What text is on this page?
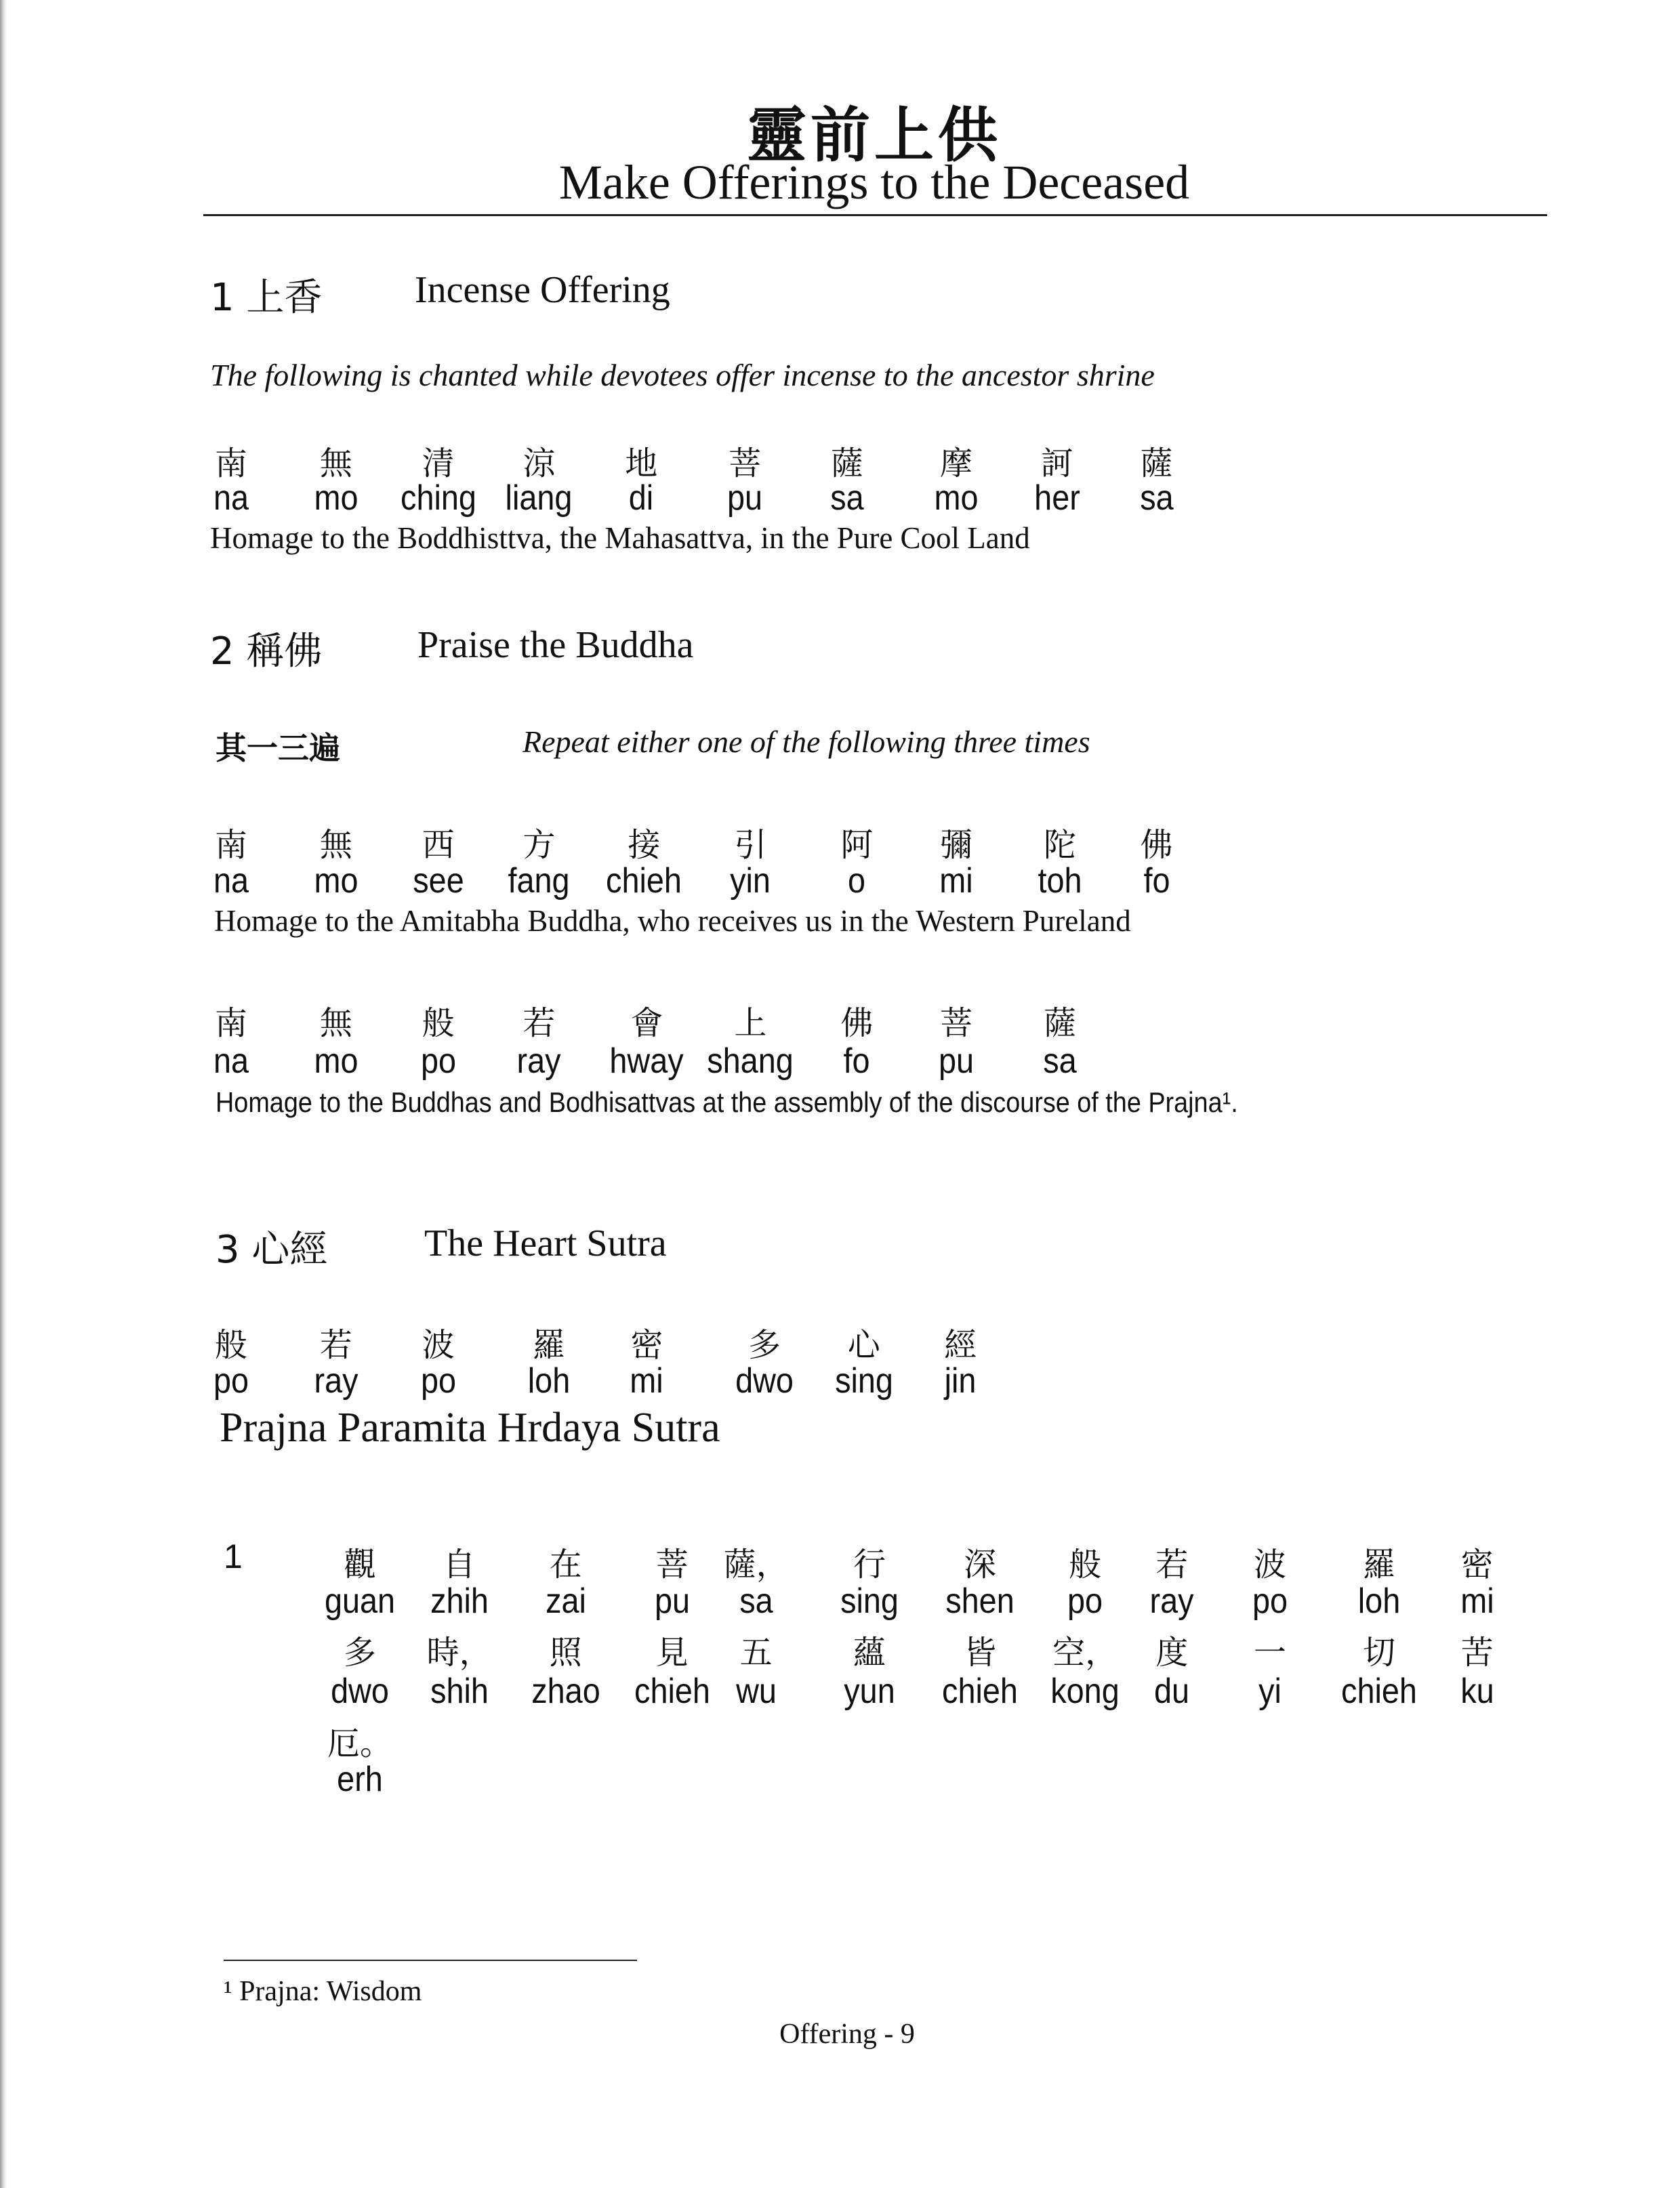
靈前上供
Make Offerings to the Deceased
1 上香 Incense Offering
The following is chanted while devotees offer incense to the ancestor shrine
南 無 清 涼 地 菩 薩 摩 訶 薩
na mo ching liang di pu sa mo her sa
Homage to the Boddhisttva, the Mahasattva, in the Pure Cool Land
2 稱佛	Praise the Buddha
其一三遍	Repeat either one of the following three times
南 無 西 方 接 引 阿 彌 陀 佛
na mo see fang chieh yin o mi toh fo
Homage to the Amitabha Buddha, who receives us in the Western Pureland
南 無 般 若 會 上 佛 菩 薩
na mo po ray hway shang fo pu sa
Homage to the Buddhas and Bodhisattvas at the assembly of the discourse of the Prajna¹.
3 心經	The Heart Sutra
般 若 波 羅 密	多 心 經
po ray po loh mi dwo sing jin
Prajna Paramita Hrdaya Sutra
1	觀 自 在 菩 薩， 行 深 般 若 波 羅 密
guan zhih zai pu sa sing shen po ray po loh mi
多 時， 照 見 五 蘊 皆 空， 度 一 切 苦
dwo shih zhao chieh wu yun chieh kong du yi chieh ku
厄。
erh
¹ Prajna: Wisdom
Offering - 9
